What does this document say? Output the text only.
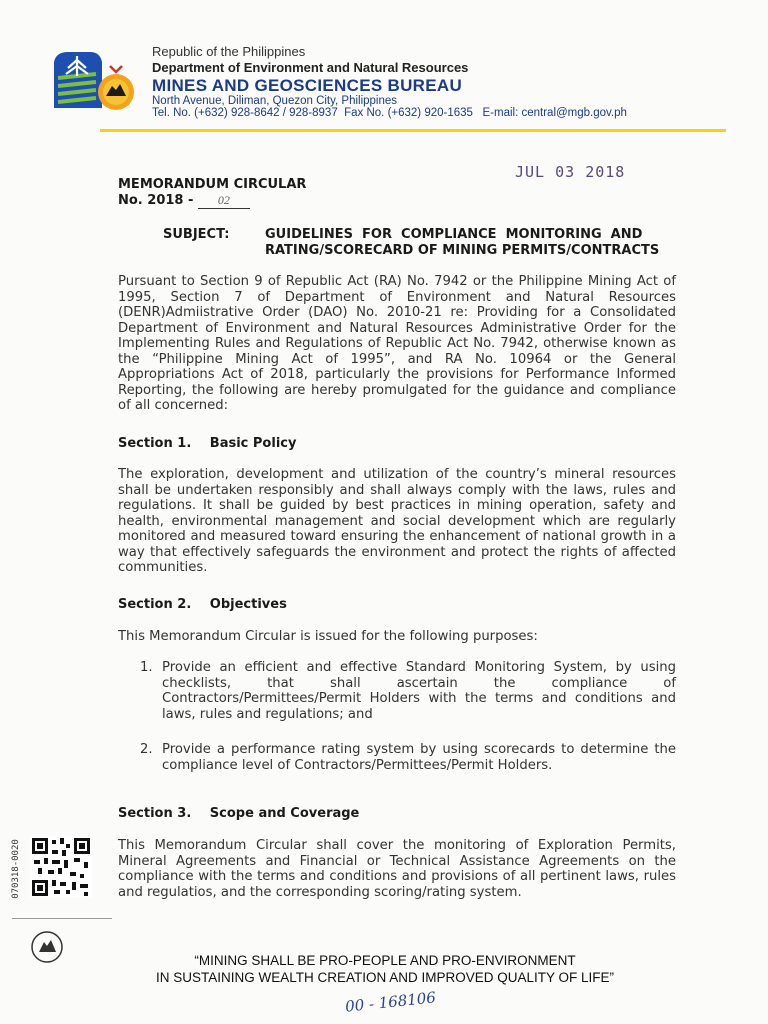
Republic of the Philippines
Department of Environment and Natural Resources
MINES AND GEOSCIENCES BUREAU
North Avenue, Diliman, Quezon City, Philippines
Tel. No. (+632) 928-8642 / 928-8937  Fax No. (+632) 920-1635   E-mail: central@mgb.gov.ph
JUL 03 2018
MEMORANDUM CIRCULAR
No. 2018 - 02
SUBJECT:	GUIDELINES  FOR  COMPLIANCE  MONITORING  AND
RATING/SCORECARD OF MINING PERMITS/CONTRACTS
Pursuant to Section 9 of Republic Act (RA) No. 7942 or the Philippine Mining Act of 1995, Section 7 of Department of Environment and Natural Resources (DENR)Admiistrative Order (DAO) No. 2010-21 re: Providing for a Consolidated Department of Environment and Natural Resources Administrative Order for the Implementing Rules and Regulations of Republic Act No. 7942, otherwise known as the “Philippine Mining Act of 1995”, and RA No. 10964 or the General Appropriations Act of 2018, particularly the provisions for Performance Informed Reporting, the following are hereby promulgated for the guidance and compliance of all concerned:
Section 1. Basic Policy
The exploration, development and utilization of the country’s mineral resources shall be undertaken responsibly and shall always comply with the laws, rules and regulations. It shall be guided by best practices in mining operation, safety and health, environmental management and social development which are regularly monitored and measured toward ensuring the enhancement of national growth in a way that effectively safeguards the environment and protect the rights of affected communities.
Section 2. Objectives
This Memorandum Circular is issued for the following purposes:
1. Provide an efficient and effective Standard Monitoring System, by using checklists, that shall ascertain the compliance of Contractors/Permittees/Permit Holders with the terms and conditions and laws, rules and regulations; and
2. Provide a performance rating system by using scorecards to determine the compliance level of Contractors/Permittees/Permit Holders.
Section 3. Scope and Coverage
This Memorandum Circular shall cover the monitoring of Exploration Permits, Mineral Agreements and Financial or Technical Assistance Agreements on the compliance with the terms and conditions and provisions of all pertinent laws, rules and regulatios, and the corresponding scoring/rating system.
070318-0020
“MINING SHALL BE PRO-PEOPLE AND PRO-ENVIRONMENT
IN SUSTAINING WEALTH CREATION AND IMPROVED QUALITY OF LIFE”
00 - 168106
